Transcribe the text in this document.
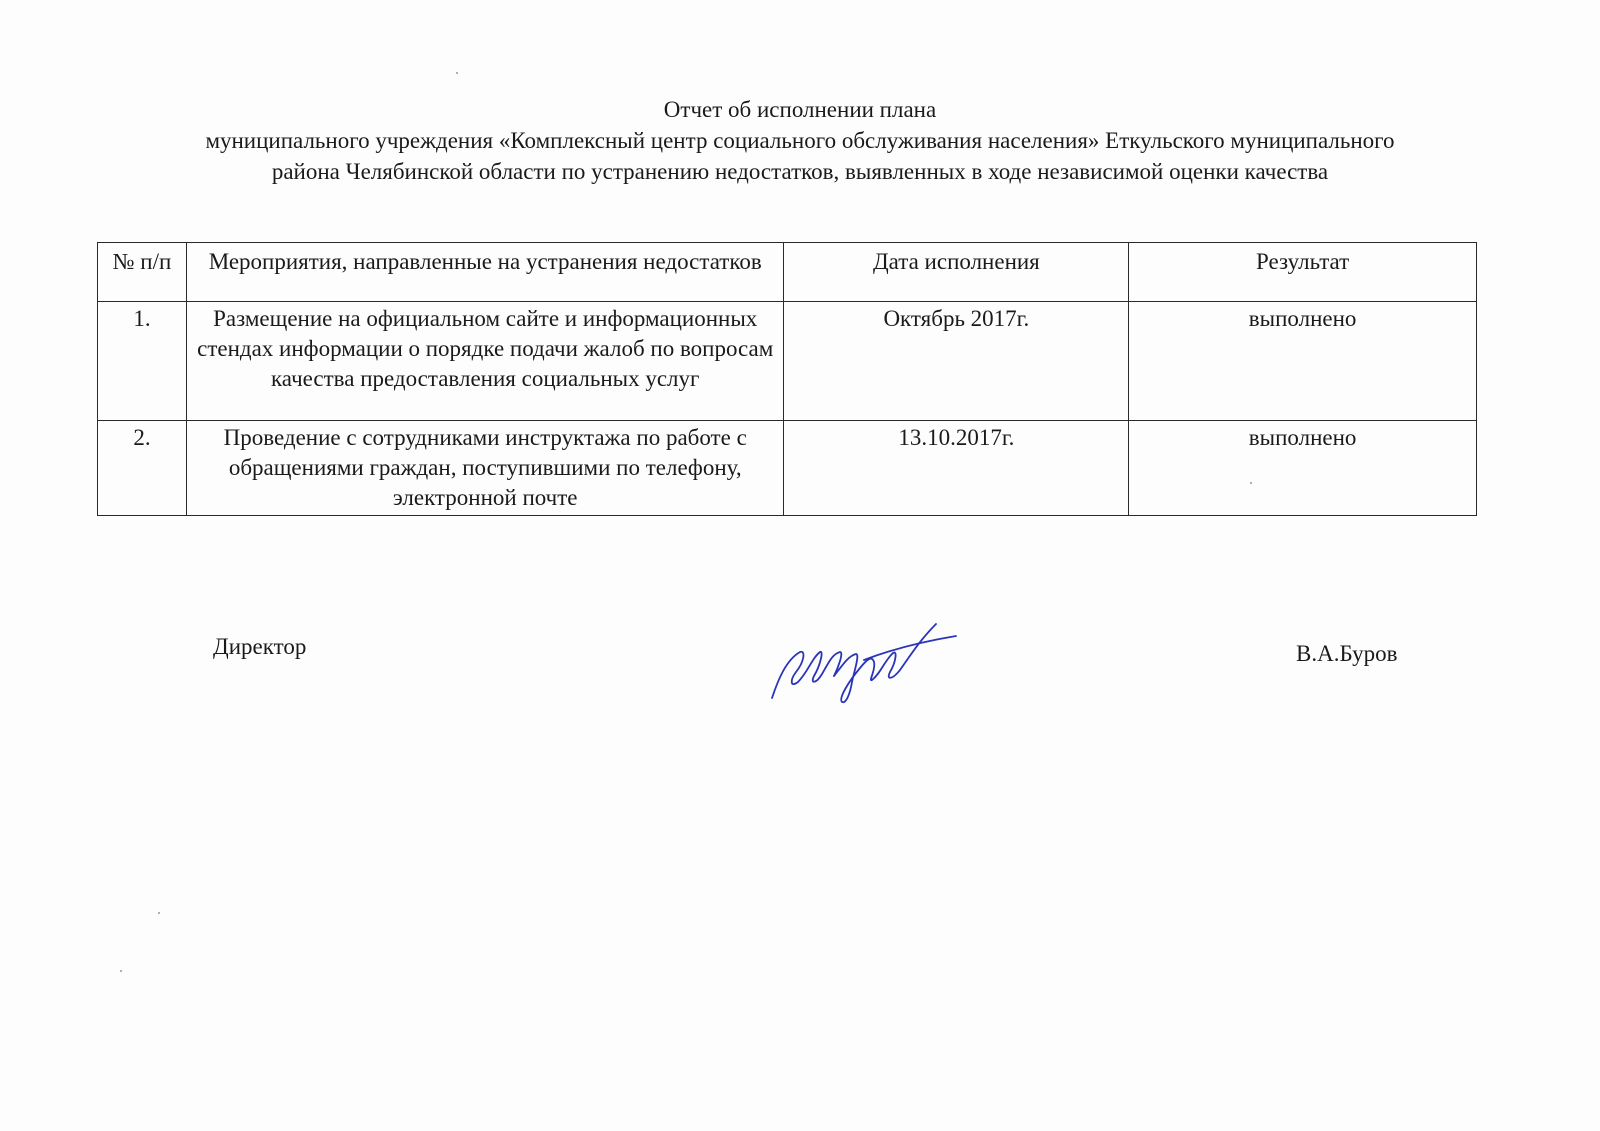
Отчет об исполнении плана
муниципального учреждения «Комплексный центр социального обслуживания населения» Еткульского муниципального
района Челябинской области по устранению недостатков, выявленных в ходе независимой оценки качества
№ п/п	Мероприятия, направленные на устранения недостатков	Дата исполнения	Результат
1.	Размещение на официальном сайте и информационных стендах информации о порядке подачи жалоб по вопросам качества предоставления социальных услуг	Октябрь 2017г.	выполнено
2.	Проведение с сотрудниками инструктажа по работе с обращениями граждан, поступившими по телефону, электронной почте	13.10.2017г.	выполнено
Директор	В.А.Буров
